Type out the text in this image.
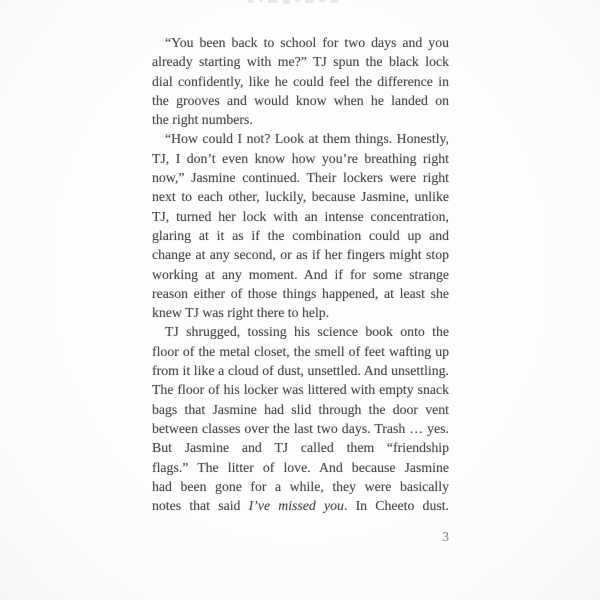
“You been back to school for two days and you
already starting with me?” TJ spun the black lock
dial confidently, like he could feel the difference in
the grooves and would know when he landed on
the right numbers.
“How could I not? Look at them things. Honestly,
TJ, I don’t even know how you’re breathing right
now,” Jasmine continued. Their lockers were right
next to each other, luckily, because Jasmine, unlike
TJ, turned her lock with an intense concentration,
glaring at it as if the combination could up and
change at any second, or as if her fingers might stop
working at any moment. And if for some strange
reason either of those things happened, at least she
knew TJ was right there to help.
TJ shrugged, tossing his science book onto the
floor of the metal closet, the smell of feet wafting up
from it like a cloud of dust, unsettled. And unsettling.
The floor of his locker was littered with empty snack
bags that Jasmine had slid through the door vent
between classes over the last two days. Trash … yes.
But Jasmine and TJ called them “friendship
flags.” The litter of love. And because Jasmine
had been gone for a while, they were basically
notes that said I’ve missed you. In Cheeto dust.
3
